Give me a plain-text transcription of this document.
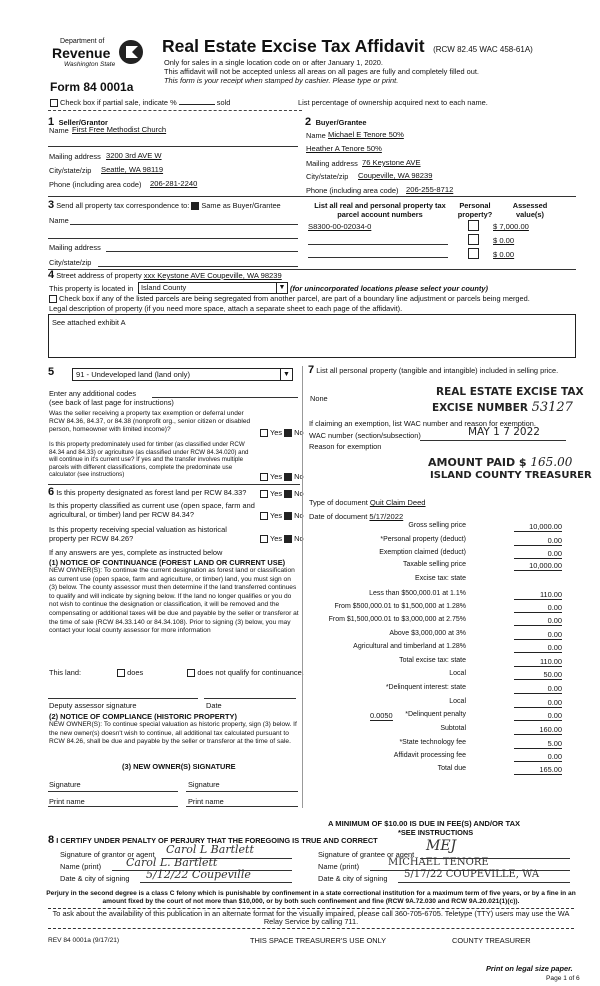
Department of
Revenue
Washington State
Form 84 0001a
Real Estate Excise Tax Affidavit (RCW 82.45 WAC 458-61A)
Only for sales in a single location code on or after January 1, 2020.
This affidavit will not be accepted unless all areas on all pages are fully and completely filled out.
This form is your receipt when stamped by cashier. Please type or print.
Check box if partial sale, indicate %	sold	List percentage of ownership acquired next to each name.
1 Seller/Grantor
Name First Free Methodist Church
Mailing address 3200 3rd AVE W
City/state/zip Seattle, WA 98119
Phone (including area code) 206-281-2240
2 Buyer/Grantee
Name Michael E Tenore 50%
Heather A Tenore 50%
Mailing address 76 Keystone AVE
City/state/zip Coupeville, WA 98239
Phone (including area code) 206-255-8712
3 Send all property tax correspondence to: Same as Buyer/Grantee
Name
Mailing address
City/state/zip
List all real and personal property tax parcel account numbers
Personal property?
Assessed value(s)
S8300-00-02034-0	$ 7,000.00
$ 0.00
$ 0.00
4 Street address of property xxx Keystone AVE Coupeville, WA 98239
This property is located in	Island County	▼ (for unincorporated locations please select your county)
Check box if any of the listed parcels are being segregated from another parcel, are part of a boundary line adjustment or parcels being merged.
Legal description of property (if you need more space, attach a separate sheet to each page of the affidavit).
See attached exhibit A
5	91 - Undeveloped land (land only)	▼
Enter any additional codes
(see back of last page for instructions)
Was the seller receiving a property tax exemption or deferral under RCW 84.36, 84.37, or 84.38 (nonprofit org., senior citizen or disabled person, homeowner with limited income)?	Yes No
Is this property predominately used for timber (as classified under RCW 84.34 and 84.33) or agriculture (as classified under RCW 84.34.020) and will continue in it's current use? If yes and the transfer involves multiple parcels with different classifications, complete the predominate use calculator (see instructions)	Yes No
6 Is this property designated as forest land per RCW 84.33?	Yes No
Is this property classified as current use (open space, farm and agricultural, or timber) land per RCW 84.34?	Yes No
Is this property receiving special valuation as historical property per RCW 84.26?	Yes No
If any answers are yes, complete as instructed below
(1) NOTICE OF CONTINUANCE (FOREST LAND OR CURRENT USE)
NEW OWNER(S): To continue the current designation as forest land or classification as current use (open space, farm and agriculture, or timber) land, you must sign on (3) below. The county assessor must then determine if the land transferred continues to qualify and will indicate by signing below. If the land no longer qualifies or you do not wish to continue the designation or classification, it will be removed and the compensating or additional taxes will be due and payable by the seller or transferor at the time of sale (RCW 84.33.140 or 84.34.108). Prior to signing (3) below, you may contact your local county assessor for more information
This land:	does	does not qualify for continuance.
Deputy assessor signature	Date
(2) NOTICE OF COMPLIANCE (HISTORIC PROPERTY)
NEW OWNER(S): To continue special valuation as historic property, sign (3) below. If the new owner(s) doesn't wish to continue, all additional tax calculated pursuant to RCW 84.26, shall be due and payable by the seller or transferor at the time of sale.
(3) NEW OWNER(S) SIGNATURE
Signature	Signature
Print name	Print name
7 List all personal property (tangible and intangible) included in selling price.
None
REAL ESTATE EXCISE TAX
EXCISE NUMBER 53127
If claiming an exemption, list WAC number and reason for exemption.
WAC number (section/subsection)	MAY 1 7 2022
Reason for exemption
AMOUNT PAID $ 165.00
ISLAND COUNTY TREASURER
Type of document Quit Claim Deed
Date of document 5/17/2022
Gross selling price	10,000.00
*Personal property (deduct)	0.00
Exemption claimed (deduct)	0.00
Taxable selling price	10,000.00
Excise tax: state
Less than $500,000.01 at 1.1%	110.00
From $500,000.01 to $1,500,000 at 1.28%	0.00
From $1,500,000.01 to $3,000,000 at 2.75%	0.00
Above $3,000,000 at 3%	0.00
Agricultural and timberland at 1.28%	0.00
Total excise tax: state	110.00
Local	50.00
*Delinquent interest: state	0.00
Local	0.00
*Delinquent penalty	0.00
Subtotal	160.00
*State technology fee	5.00
Affidavit processing fee	0.00
Total due	165.00
0.0050
A MINIMUM OF $10.00 IS DUE IN FEE(S) AND/OR TAX
*SEE INSTRUCTIONS
8 I CERTIFY UNDER PENALTY OF PERJURY THAT THE FOREGOING IS TRUE AND CORRECT
Signature of grantor or agent Carol L Bartlett
Name (print) Carol L. Bartlett
Date & city of signing 5/12/22 Coupeville
Signature of grantee or agent
MEJ
Name (print)	MICHAEL TENORE
Date & city of signing 5/17/22 COUPEVILLE, WA
Perjury in the second degree is a class C felony which is punishable by confinement in a state correctional institution for a maximum term of five years, or by a fine in an amount fixed by the court of not more than $10,000, or by both such confinement and fine (RCW 9A.72.030 and RCW 9A.20.021(1)(c)).
To ask about the availability of this publication in an alternate format for the visually impaired, please call 360-705-6705. Teletype (TTY) users may use the WA Relay Service by calling 711.
REV 84 0001a (9/17/21)	THIS SPACE TREASURER'S USE ONLY	COUNTY TREASURER
Print on legal size paper.
Page 1 of 6
